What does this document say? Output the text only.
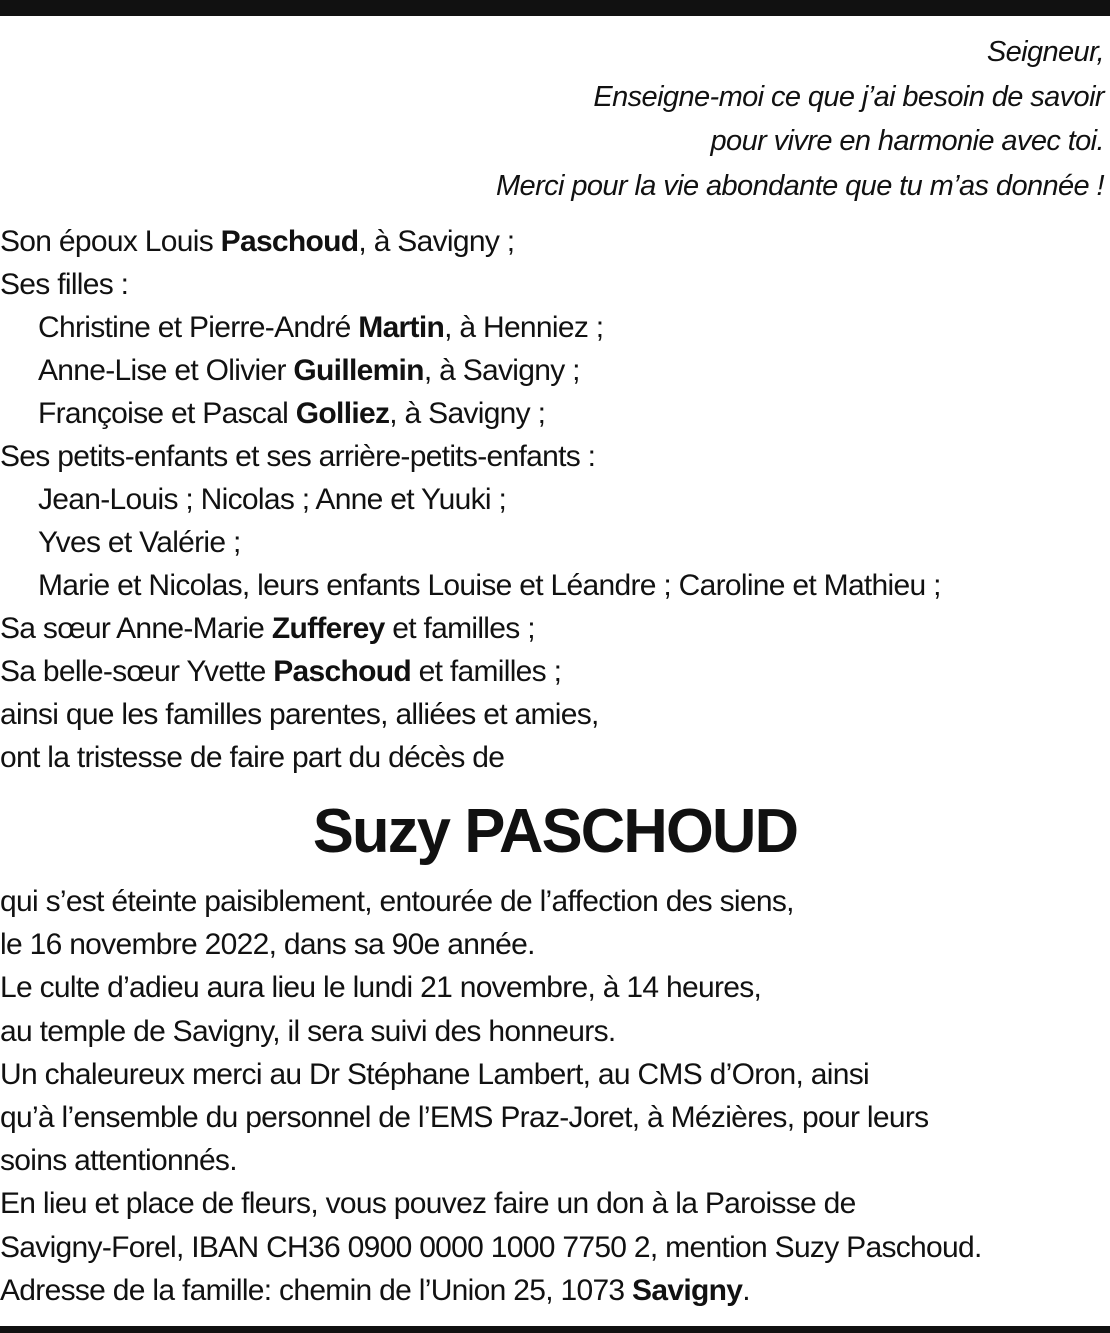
Seigneur,
Enseigne-moi ce que j’ai besoin de savoir
pour vivre en harmonie avec toi.
Merci pour la vie abondante que tu m’as donnée !
Son époux Louis Paschoud, à Savigny ;
Ses filles :
Christine et Pierre-André Martin, à Henniez ;
Anne-Lise et Olivier Guillemin, à Savigny ;
Françoise et Pascal Golliez, à Savigny ;
Ses petits-enfants et ses arrière-petits-enfants :
Jean-Louis ; Nicolas ; Anne et Yuuki ;
Yves et Valérie ;
Marie et Nicolas, leurs enfants Louise et Léandre ; Caroline et Mathieu ;
Sa sœur Anne-Marie Zufferey et familles ;
Sa belle-sœur Yvette Paschoud et familles ;
ainsi que les familles parentes, alliées et amies,
ont la tristesse de faire part du décès de
Suzy PASCHOUD
qui s’est éteinte paisiblement, entourée de l’affection des siens,
le 16 novembre 2022, dans sa 90e année.
Le culte d’adieu aura lieu le lundi 21 novembre, à 14 heures,
au temple de Savigny, il sera suivi des honneurs.
Un chaleureux merci au Dr Stéphane Lambert, au CMS d’Oron, ainsi
qu’à l’ensemble du personnel de l’EMS Praz-Joret, à Mézières, pour leurs
soins attentionnés.
En lieu et place de fleurs, vous pouvez faire un don à la Paroisse de
Savigny-Forel, IBAN CH36 0900 0000 1000 7750 2, mention Suzy Paschoud.
Adresse de la famille: chemin de l’Union 25, 1073 Savigny.
